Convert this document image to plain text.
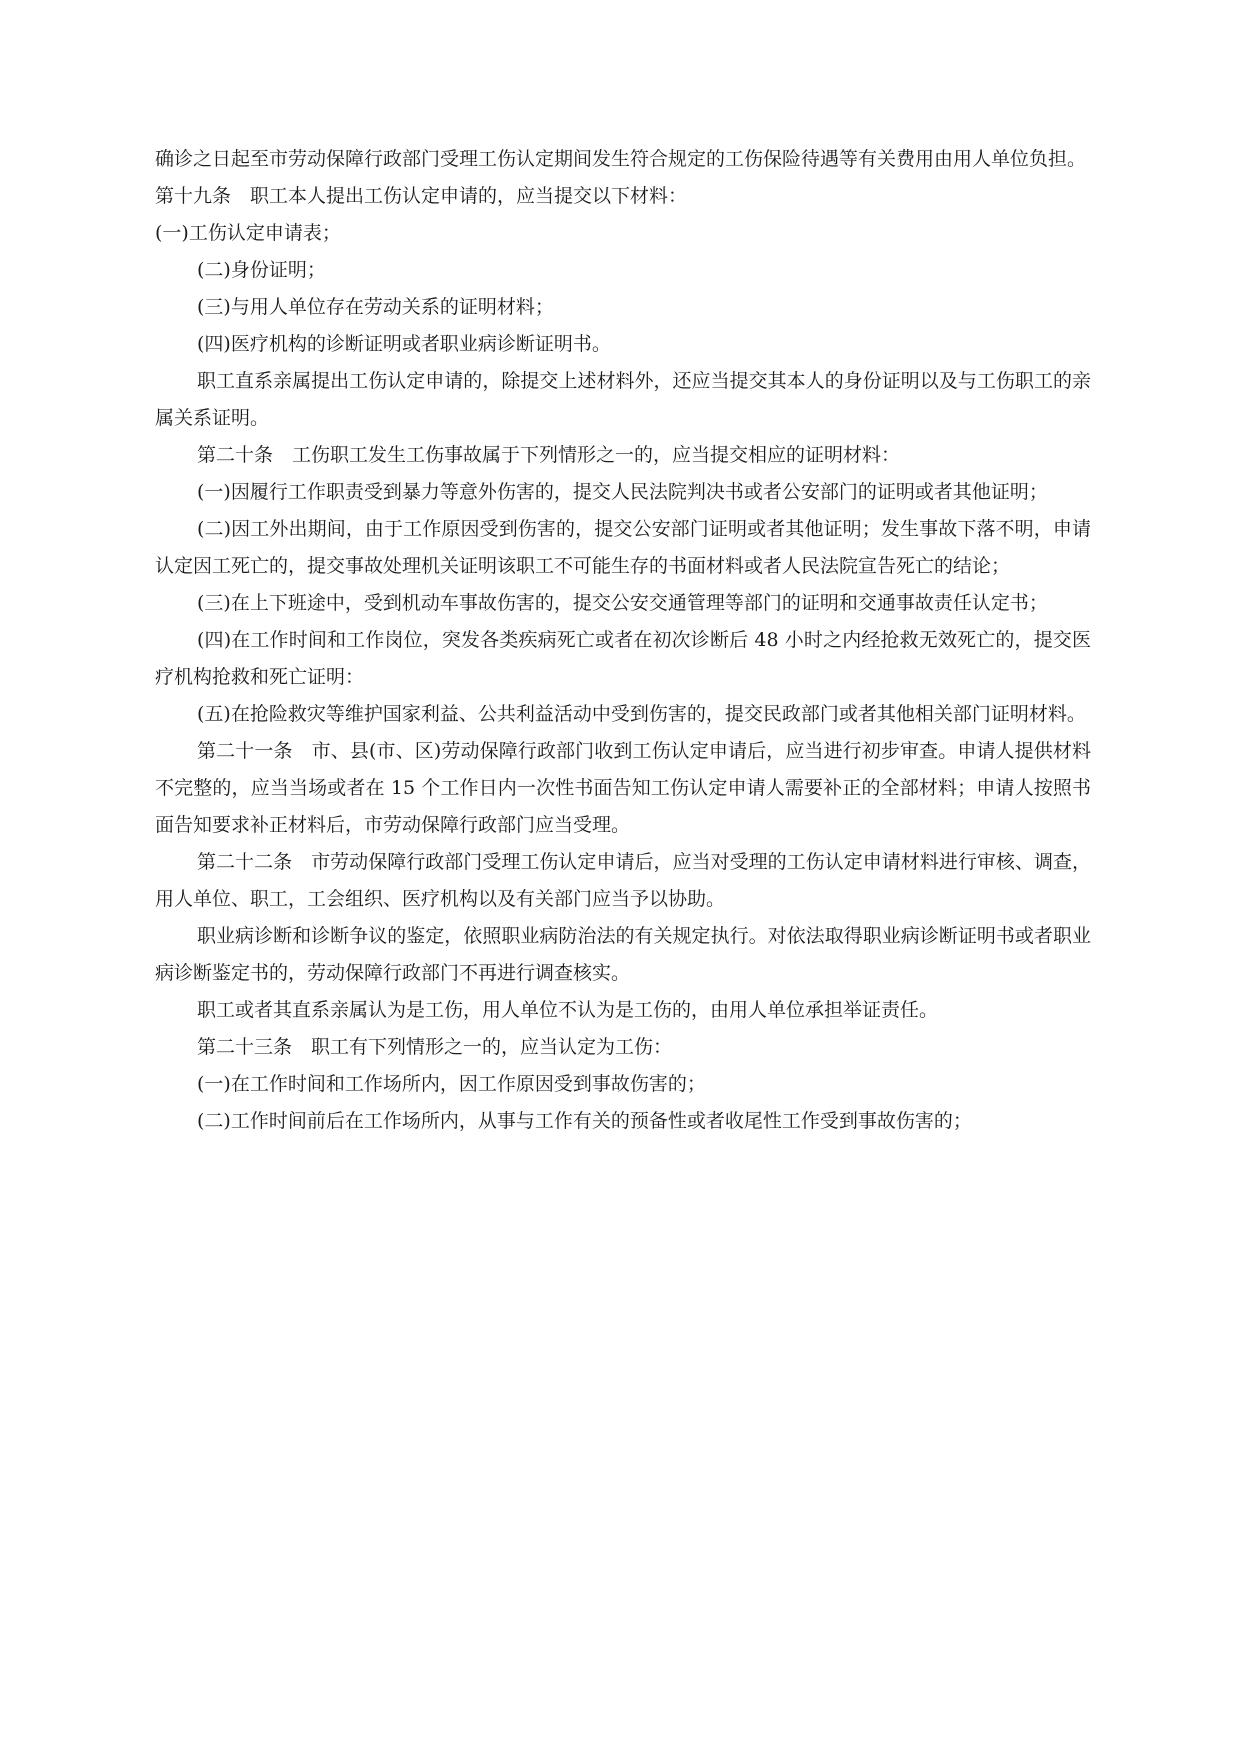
确诊之日起至市劳动保障行政部门受理工伤认定期间发生符合规定的工伤保险待遇等有关费用由用人单位负担。

第十九条　职工本人提出工伤认定申请的，应当提交以下材料：

(一)工伤认定申请表；

(二)身份证明；

(三)与用人单位存在劳动关系的证明材料；

(四)医疗机构的诊断证明或者职业病诊断证明书。

职工直系亲属提出工伤认定申请的，除提交上述材料外，还应当提交其本人的身份证明以及与工伤职工的亲属关系证明。

第二十条　工伤职工发生工伤事故属于下列情形之一的，应当提交相应的证明材料：

(一)因履行工作职责受到暴力等意外伤害的，提交人民法院判决书或者公安部门的证明或者其他证明；

(二)因工外出期间，由于工作原因受到伤害的，提交公安部门证明或者其他证明；发生事故下落不明，申请认定因工死亡的，提交事故处理机关证明该职工不可能生存的书面材料或者人民法院宣告死亡的结论；

(三)在上下班途中，受到机动车事故伤害的，提交公安交通管理等部门的证明和交通事故责任认定书；

(四)在工作时间和工作岗位，突发各类疾病死亡或者在初次诊断后 48 小时之内经抢救无效死亡的，提交医疗机构抢救和死亡证明：

(五)在抢险救灾等维护国家利益、公共利益活动中受到伤害的，提交民政部门或者其他相关部门证明材料。

第二十一条　市、县(市、区)劳动保障行政部门收到工伤认定申请后，应当进行初步审查。申请人提供材料不完整的，应当当场或者在 15 个工作日内一次性书面告知工伤认定申请人需要补正的全部材料；申请人按照书面告知要求补正材料后，市劳动保障行政部门应当受理。

第二十二条　市劳动保障行政部门受理工伤认定申请后，应当对受理的工伤认定申请材料进行审核、调查，用人单位、职工，工会组织、医疗机构以及有关部门应当予以协助。

职业病诊断和诊断争议的鉴定，依照职业病防治法的有关规定执行。对依法取得职业病诊断证明书或者职业病诊断鉴定书的，劳动保障行政部门不再进行调查核实。

职工或者其直系亲属认为是工伤，用人单位不认为是工伤的，由用人单位承担举证责任。

第二十三条　职工有下列情形之一的，应当认定为工伤：

(一)在工作时间和工作场所内，因工作原因受到事故伤害的；

(二)工作时间前后在工作场所内，从事与工作有关的预备性或者收尾性工作受到事故伤害的；
